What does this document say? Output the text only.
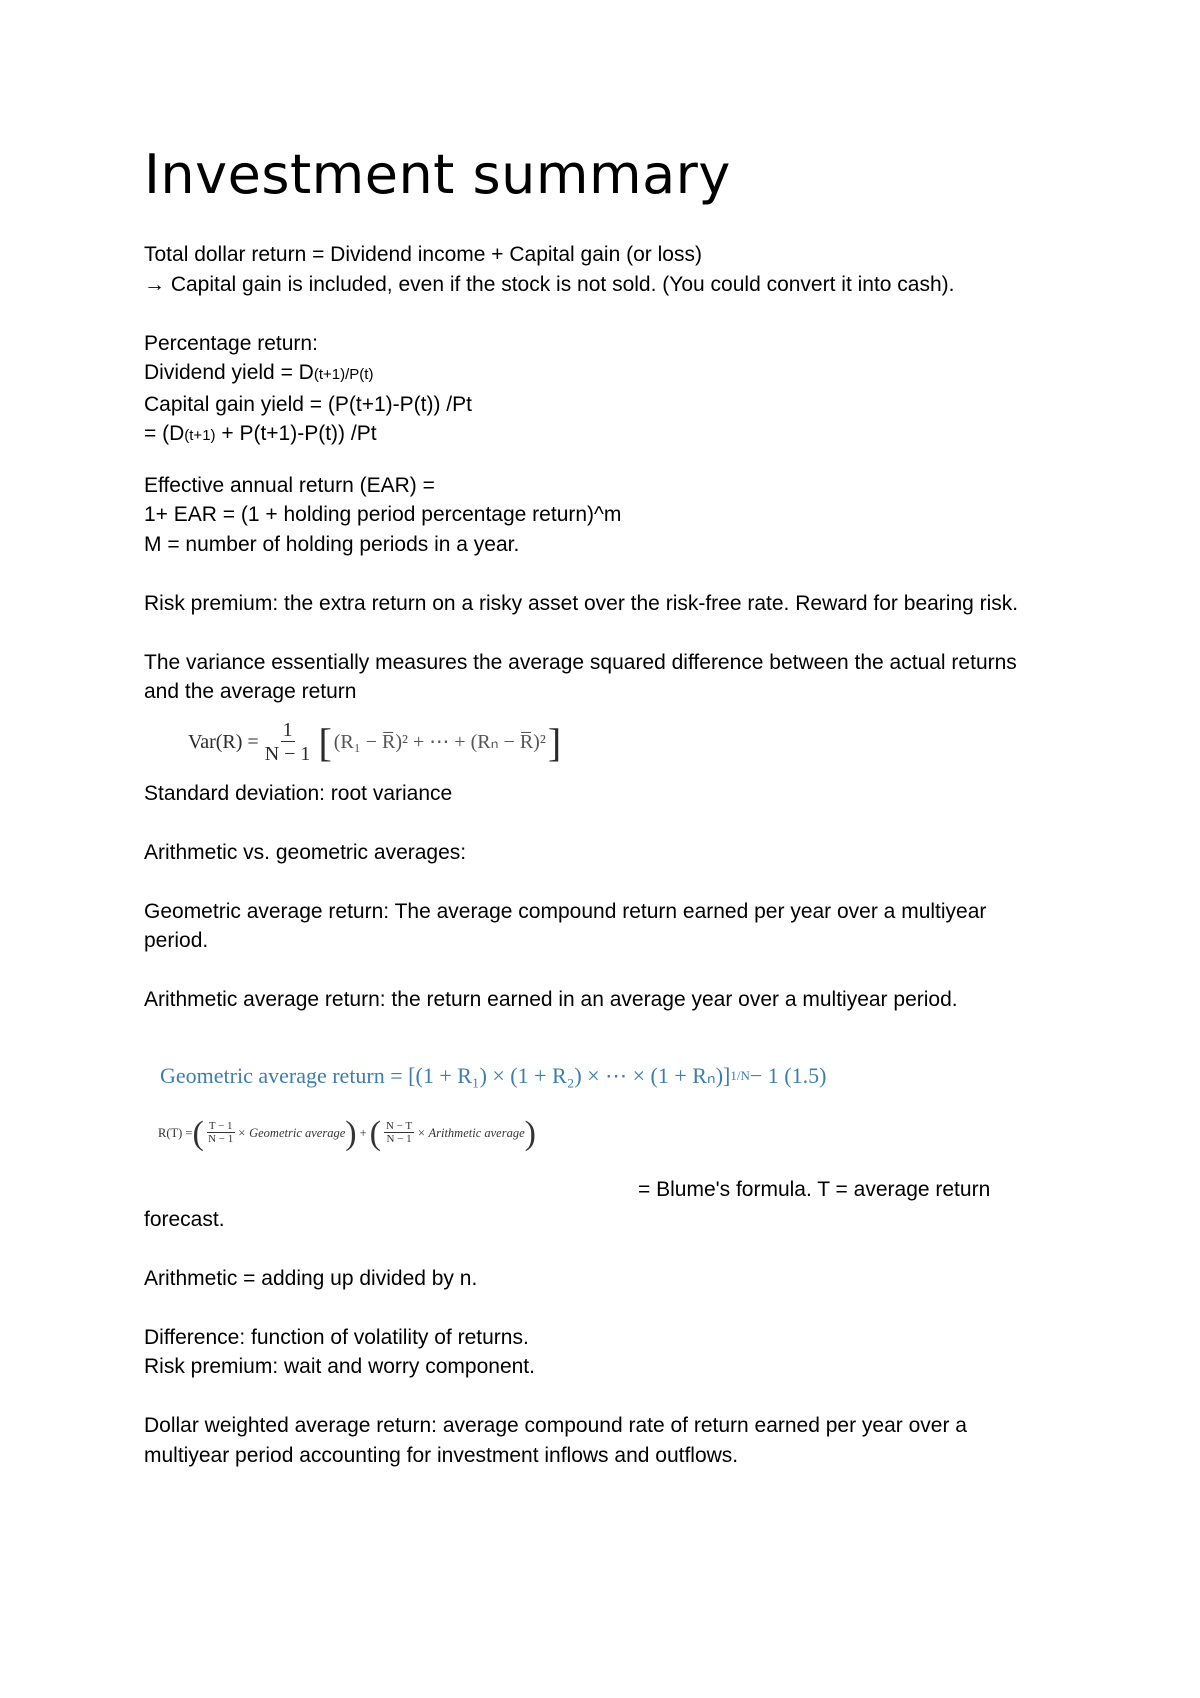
Investment summary

Total dollar return = Dividend income + Capital gain (or loss)

→ Capital gain is included, even if the stock is not sold. (You could convert it into cash).

Percentage return:

Dividend yield = D(t+1)/P(t)

Capital gain yield = (P(t+1)-P(t)) /Pt

= (D(t+1) + P(t+1)-P(t)) /Pt

Effective annual return (EAR) =

1+ EAR = (1 + holding period percentage return)^m

M = number of holding periods in a year.

Risk premium: the extra return on a risky asset over the risk-free rate. Reward for bearing risk.

The variance essentially measures the average squared difference between the actual returns and the average return

$Var(R) = \frac{1}{N - 1}$ [ (R₁ − R̅)² + ⋯ + (Rₙ − R̅)² ]

Standard deviation: root variance

Arithmetic vs. geometric averages:

Geometric average return: The average compound return earned per year over a multiyear period.

Arithmetic average return: the return earned in an average year over a multiyear period.

Geometric average return = [(1 + R₁) × (1 + R₂) × ⋯ × (1 + Rₙ)] 1/N − 1 (1.5)
R(T) = ( $\frac{T - 1}{N - 1}$ × Geometric average ) + ( $\frac{N - T}{N - 1}$ × Arithmetic average )
= Blume's formula. T = average return

forecast.

Arithmetic = adding up divided by n.

Difference: function of volatility of returns.

Risk premium: wait and worry component.

Dollar weighted average return: average compound rate of return earned per year over a multiyear period accounting for investment inflows and outflows.
